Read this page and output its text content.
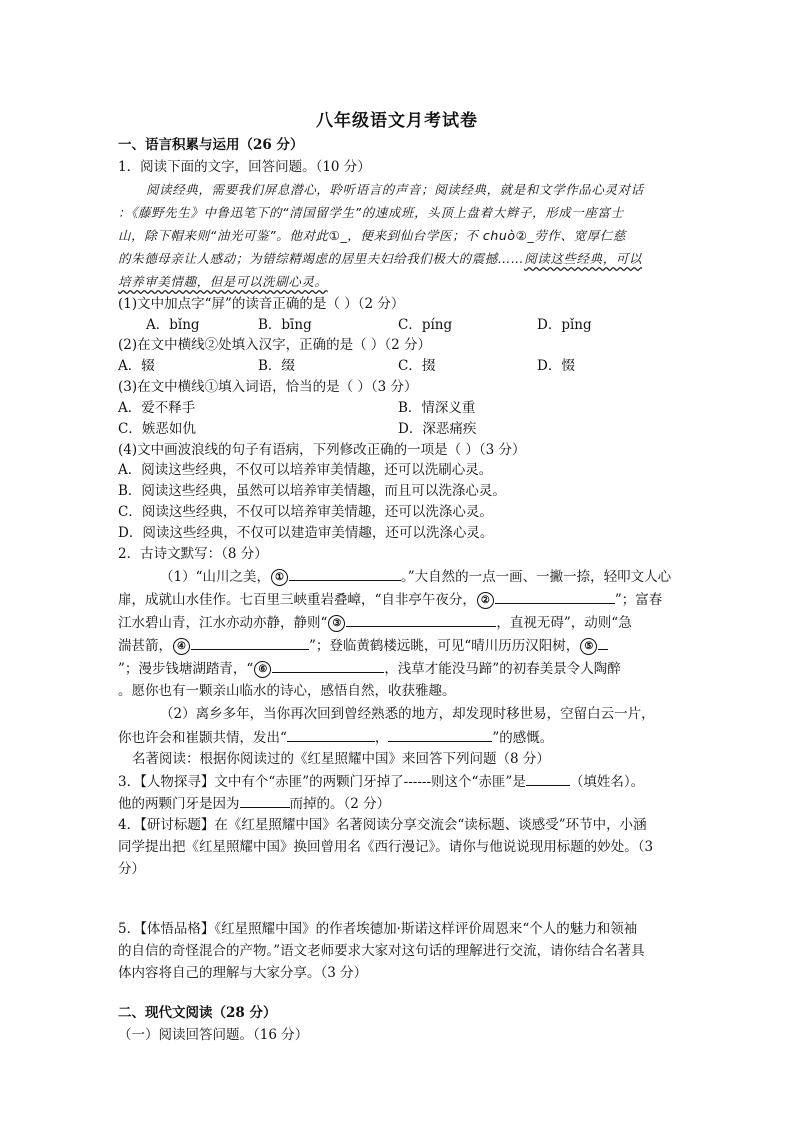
八年级语文月考试卷
一、语言积累与运用（26 分）
1．阅读下面的文字，回答问题。（10 分）
阅读经典，需要我们屏息潜心，聆听语言的声音；阅读经典，就是和文学作品心灵对话
：《藤野先生》中鲁迅笔下的“清国留学生”的速成班，头顶上盘着大辫子，形成一座富士
山，除下帽来则“油光可鉴”。他对此①_，便来到仙台学医；不 chuò②_劳作、宽厚仁慈
的朱德母亲让人感动；为错综精竭虑的居里夫妇给我们极大的震撼……阅读这些经典，可以
培养审美情趣，但是可以洗刷心灵。
(1)文中加点字“屏”的读音正确的是（ ）（2 分）
A．bǐng	B．bīng	C．píng	D．pǐng
(2)在文中横线②处填入汉字，正确的是（ ）（2 分）
A．辍	B．缀	C．掇	D．惙
(3)在文中横线①填入词语，恰当的是（ ）（3 分）
A．爱不释手	B．情深义重
C．嫉恶如仇	D．深恶痛疾
(4)文中画波浪线的句子有语病，下列修改正确的一项是（ ）（3 分）
A．阅读这些经典，不仅可以培养审美情趣，还可以洗刷心灵。
B．阅读这些经典，虽然可以培养审美情趣，而且可以洗涤心灵。
C．阅读这些经典，不仅可以培养审美情趣，还可以洗涤心灵。
D．阅读这些经典，不仅可以建造审美情趣，还可以洗涤心灵。
2．古诗文默写：（8 分）
（1）“山川之美， ①	。”大自然的一点一画、一撇一捺，轻叩文人心
扉，成就山水佳作。七百里三峡重岩叠嶂，“自非亭午夜分， ②	”；富春
江水碧山青，江水亦动亦静，静则“ ③	，直视无碍”，动则“急
湍甚箭， ④	”；登临黄鹤楼远眺，可见“晴川历历汉阳树， ⑤
”；漫步钱塘湖踏青，“ ⑥	，浅草才能没马蹄”的初春美景令人陶醉
。愿你也有一颗亲山临水的诗心，感悟自然，收获雅趣。
（2）离乡多年，当你再次回到曾经熟悉的地方，却发现时移世易，空留白云一片，
你也许会和崔颢共情，发出“	，	”的感慨。
名著阅读：根据你阅读过的《红星照耀中国》来回答下列问题（8 分）
3．【人物探寻】文中有个“赤匪”的两颗门牙掉了------则这个“赤匪”是	（填姓名）。
他的两颗门牙是因为	而掉的。（2 分）
4．【研讨标题】在《红星照耀中国》名著阅读分享交流会“读标题、谈感受”环节中，小涵
同学提出把《红星照耀中国》换回曾用名《西行漫记》。请你与他说说现用标题的妙处。（3
分）
5．【体悟品格】《红星照耀中国》的作者埃德加·斯诺这样评价周恩来“个人的魅力和领袖
的自信的奇怪混合的产物。”语文老师要求大家对这句话的理解进行交流，请你结合名著具
体内容将自己的理解与大家分享。（3 分）
二、现代文阅读（28 分）
（一）阅读回答问题。（16 分）
